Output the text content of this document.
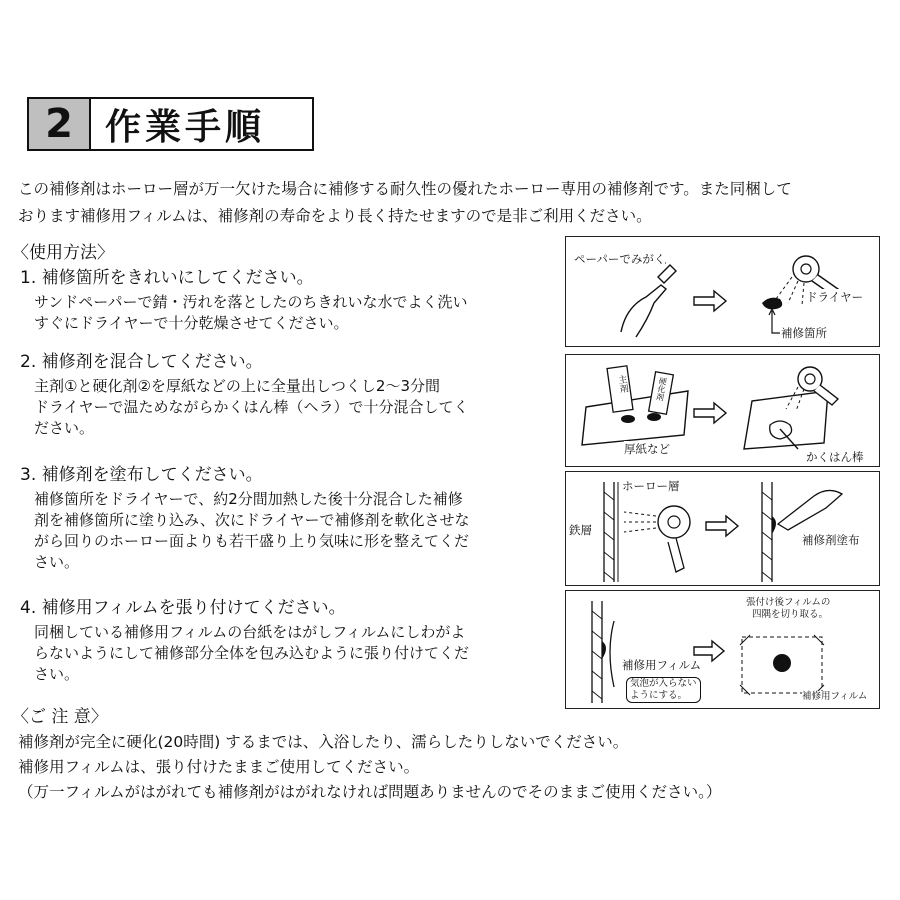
2 作業手順

この補修剤はホーロー層が万一欠けた場合に補修する耐久性の優れたホーロー専用の補修剤です。また同梱して

おります補修用フィルムは、補修剤の寿命をより長く持たせますので是非ご利用ください。

〈使用方法〉

1. 補修箇所をきれいにしてください。

サンドペーパーで錆・汚れを落としたのちきれいな水でよく洗い
すぐにドライヤーで十分乾燥させてください。

2. 補修剤を混合してください。

主剤①と硬化剤②を厚紙などの上に全量出しつくし2〜3分間
ドライヤーで温ためながらかくはん棒（ヘラ）で十分混合してく
ださい。

3. 補修剤を塗布してください。

補修箇所をドライヤーで、約2分間加熱した後十分混合した補修
剤を補修箇所に塗り込み、次にドライヤーで補修剤を軟化させな
がら回りのホーロー面よりも若干盛り上り気味に形を整えてくだ
さい。

4. 補修用フィルムを張り付けてください。

同梱している補修用フィルムの台紙をはがしフィルムにしわがよ
らないようにして補修部分全体を包み込むように張り付けてくだ
さい。
〈ご 注 意〉
補修剤が完全に硬化(20時間) するまでは、入浴したり、濡らしたりしないでください。
補修用フィルムは、張り付けたままご使用してください。
（万一フィルムがはがれても補修剤がはがれなければ問題ありませんのでそのままご使用ください。）
ペーパーでみがく
ドライヤー
補修箇所
主剤	硬化剤
厚紙など
かくはん棒
ホーロー層
鉄層
補修剤塗布
張付け後フィルムの
四隅を切り取る。
補修用フィルム
気泡が入らない
ようにする。	補修用フィルム
